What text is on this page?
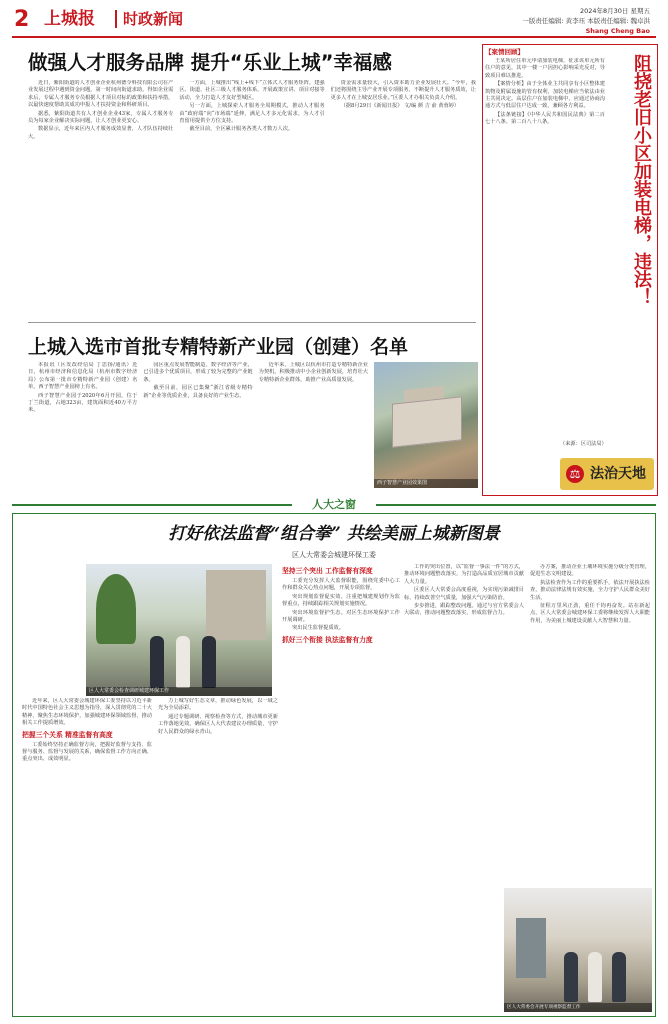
2 上城报 时政新闻	2024年8月30日 星期五
一版责任编辑: 黄李珏 本版责任编辑: 魏卓洪
Shang Cheng Bao
做强人才服务品牌 提升“乐业上城”幸福感

近日，紫阳街道的人才创业企业杭州德令科技有限公司在产业发展过程中遇到资金问题，第一时间向街道求助。得知企业需求后，专属人才服务专员根据人才项目对标的政策和扶持举措，以最快速度帮助其成功申报人才扶持资金和科研项目。

据悉，紫阳街道共有人才创业企业43家，专属人才服务专员为每家企业解决实际问题，让人才创业更安心。

数据显示，近年来区内人才服务成效显著，人才队伍持续壮大。

一方面，上城推出“线上+线下”立体式人才服务矩阵，建强区、街道、社区三级人才服务体系，开展政策宣讲、项目对接等活动，全力打造人才友好型城区。

另一方面，上城探索人才服务全周期模式，推动人才服务由“政府端”向“市场端”延伸，满足人才多元化需求，为人才引育留用提供全方位支持。

截至目前，全区累计服务各类人才数万人次。

资金需求量较大，引入资本助力企业发展壮大。“今年，我们还将围绕主导产业开展专项服务，不断提升人才服务质效，让更多人才在上城安居乐业。”区委人才办相关负责人介绍。

（据8月29日《新闻日报》 文/编 颜 吉 俞 黄蓉婷）

上城入选市首批专精特新产业园（创建）名单

本报讯（区发改经信局 丁思扬/通讯）近日，杭州市经济和信息化局（杭州市数字经济局）公布第一批市专精特新产业园（创建）名单，西子智慧产业园榜上有名。

西子智慧产业园于2020年6月开园，位于丁兰街道，占地323亩，建筑面积近40万平方米。

园区重点发展智能制造、数字经济等产业，已引进多个优质项目，形成了较为完整的产业链条。

截至目前，园区已集聚“浙江省级专精特新”企业等优质企业，具备良好的产业生态。

近年来，上城区以杭州市打造专精特新企业为契机，积极推动中小企业创新发展，培育壮大专精特新企业群体，助推产业高质量发展。

西子智慧产业园效果图
【案情回顾】

王某所居住单元申请加装电梯，征求该单元所有住户的意见，其中一楼一户因担心影响采光反对，导致项目难以推进。

【案情分析】由于全体业主共同享有小区整体建筑物及附属设施的管有权利，加装电梯应当依法由业主共同决定。高层住户在加装电梯中，应通过协商沟通方式与低层住户达成一致，兼顾各方利益。

【法条链接】《中华人民共和国民法典》第二百七十八条、第二百八十八条。	阻挠老旧小区加装电梯，违法！
（来源：区司法局）
⚖ 法治天地
人大之窗
打好依法监督“组合拳” 共绘美丽上城新图景
区人大常委会城建环保工委
区人大常委会检查调研城建环保工作

近年来，区人大常委会城建环保工委坚持以习近平新时代中国特色社会主义思想为指导，深入贯彻党的二十大精神，聚焦生态环境保护，加强城建环保领域监督，推动相关工作提质增效。

把握三个关系 精准监督有高度

工委始终坚持正确监督方向，把握好监督与支持、监督与服务、监督与发展的关系，确保监督工作方向正确、重点突出、成效明显。

力上城写好生态文章，推动绿色发展，以一域之光为全局添彩。

通过专题调研、视察检查等方式，推动城市更新工作落地见效，确保区人大代表建议办理质量，守护好人民群众的绿水青山。

坚持三个突出 工作监督有深度

工委充分发挥人大监督职能，围绕党委中心工作和群众关心热点问题，开展专项监督。

突出规划监督促实效。注重把城建规划作为监督重点，持续跟踪相关规划实施情况。

突出环境监督护生态。对区生态环境保护工作开展调研。

突出民生监督提质效。

抓好三个衔接 执法监督有力度

工作的突出位置，以“监督一事法一件”的方式，推动环境问题整改落实，为打造高品质宜居城市贡献人大力量。

区委区人大常委会高度重视，为实现污染减排目标，持续改善空气质量，加强大气污染防治。

步步推进，跟踪整改问题。通过与官方常委会人大联动，推动问题整改落实，形成监督合力。

办方案，推动企业土壤环境实施分级分类管理，促进生态文明建设。

执法检查作为工作的重要抓手，依法开展执法检查，推动法律法规有效实施，全力守护人民群众美好生活。

征程万里风正劲，重任千钧再奋发。站在新起点，区人大常委会城建环保工委将继续发挥人大职能作用，为美丽上城建设贡献人大智慧和力量。

区人大常委会开展专项视察监督工作
